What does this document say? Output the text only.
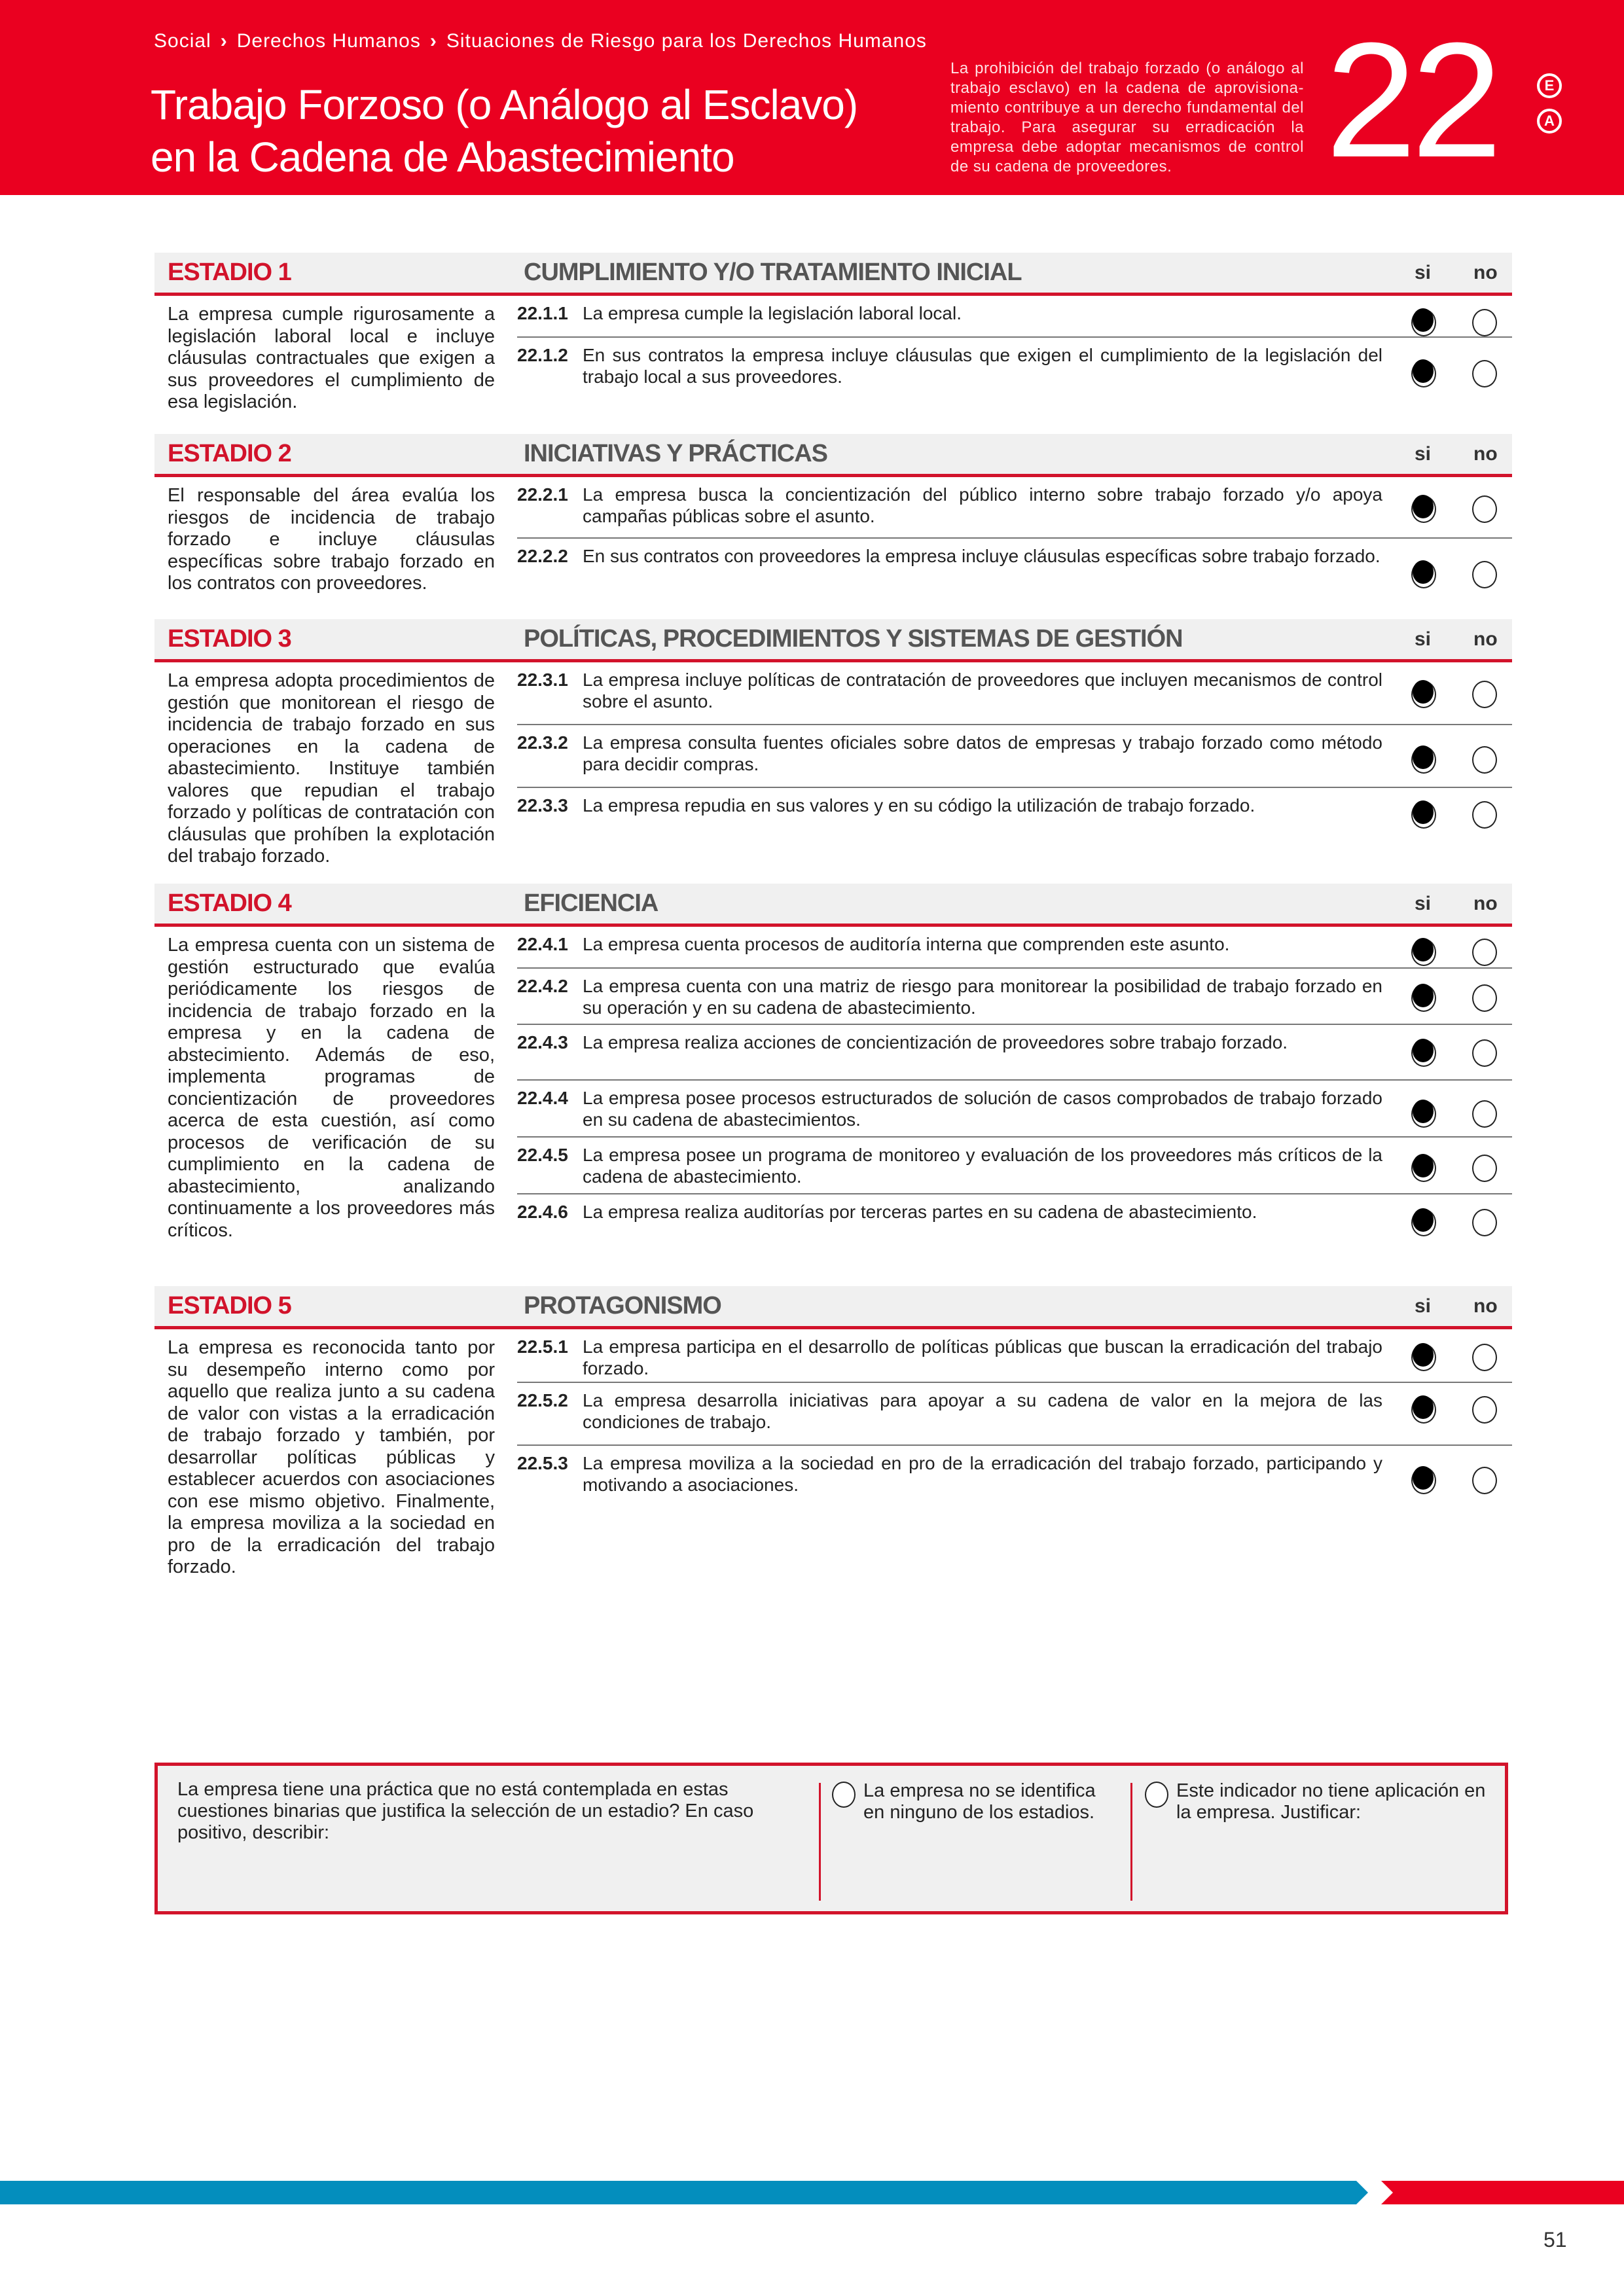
Social › Derechos Humanos › Situaciones de Riesgo para los Derechos Humanos
Trabajo Forzoso (o Análogo al Esclavo)
en la Cadena de Abastecimiento
La prohibición del trabajo forzado (o análogo al trabajo esclavo) en la cadena de aprovisiona-miento contribuye a un derecho fundamental del trabajo. Para asegurar su erradicación la empresa debe adoptar mecanismos de control de su cadena de proveedores. 22	E
A
ESTADIO 1	CUMPLIMIENTO Y/O TRATAMIENTO INICIAL	si no
La empresa cumple rigurosamente a legislación laboral local e incluye cláusulas contractuales que exigen a sus proveedores el cumplimiento de esa legislación.
22.1.1 La empresa cumple la legislación laboral local.
22.1.2 En sus contratos la empresa incluye cláusulas que exigen el cumplimiento de la legislación del trabajo local a sus proveedores.
ESTADIO 2	INICIATIVAS Y PRÁCTICAS	si no
El responsable del área evalúa los riesgos de incidencia de trabajo forzado e incluye cláusulas específicas sobre trabajo forzado en los contratos con proveedores.
22.2.1 La empresa busca la concientización del público interno sobre trabajo forzado y/o apoya campañas públicas sobre el asunto.
22.2.2 En sus contratos con proveedores la empresa incluye cláusulas específicas sobre trabajo forzado.
ESTADIO 3	POLÍTICAS, PROCEDIMIENTOS Y SISTEMAS DE GESTIÓN	si no
La empresa adopta procedimientos de gestión que monitorean el riesgo de incidencia de trabajo forzado en sus operaciones en la cadena de abastecimiento. Instituye también valores que repudian el trabajo forzado y políticas de contratación con cláusulas que prohíben la explotación del trabajo forzado.
22.3.1 La empresa incluye políticas de contratación de proveedores que incluyen mecanismos de control sobre el asunto.
22.3.2 La empresa consulta fuentes oficiales sobre datos de empresas y trabajo forzado como método para decidir compras.
22.3.3 La empresa repudia en sus valores y en su código la utilización de trabajo forzado.
ESTADIO 4	EFICIENCIA	si no
La empresa cuenta con un sistema de gestión estructurado que evalúa periódicamente los riesgos de incidencia de trabajo forzado en la empresa y en la cadena de abstecimiento. Además de eso, implementa programas de concientización de proveedores acerca de esta cuestión, así como procesos de verificación de su cumplimiento en la cadena de abastecimiento, analizando continuamente a los proveedores más críticos.
22.4.1 La empresa cuenta procesos de auditoría interna que comprenden este asunto.
22.4.2 La empresa cuenta con una matriz de riesgo para monitorear la posibilidad de trabajo forzado en su operación y en su cadena de abastecimiento.
22.4.3 La empresa realiza acciones de concientización de proveedores sobre trabajo forzado.
22.4.4 La empresa posee procesos estructurados de solución de casos comprobados de trabajo forzado en su cadena de abastecimientos.
22.4.5 La empresa posee un programa de monitoreo y evaluación de los proveedores más críticos de la cadena de abastecimiento.
22.4.6 La empresa realiza auditorías por terceras partes en su cadena de abastecimiento.
ESTADIO 5	PROTAGONISMO	si no
La empresa es reconocida tanto por su desempeño interno como por aquello que realiza junto a su cadena de valor con vistas a la erradicación de trabajo forzado y también, por desarrollar políticas públicas y establecer acuerdos con asociaciones con ese mismo objetivo. Finalmente, la empresa moviliza a la sociedad en pro de la erradicación del trabajo forzado.
22.5.1 La empresa participa en el desarrollo de políticas públicas que buscan la erradicación del trabajo forzado.
22.5.2 La empresa desarrolla iniciativas para apoyar a su cadena de valor en la mejora de las condiciones de trabajo.
22.5.3 La empresa moviliza a la sociedad en pro de la erradicación del trabajo forzado, participando y motivando a asociaciones.
La empresa tiene una práctica que no está contemplada en estas cuestiones binarias que justifica la selección de un estadio? En caso positivo, describir:
La empresa no se identifica en ninguno de los estadios.
Este indicador no tiene aplicación en la empresa. Justificar:
51
